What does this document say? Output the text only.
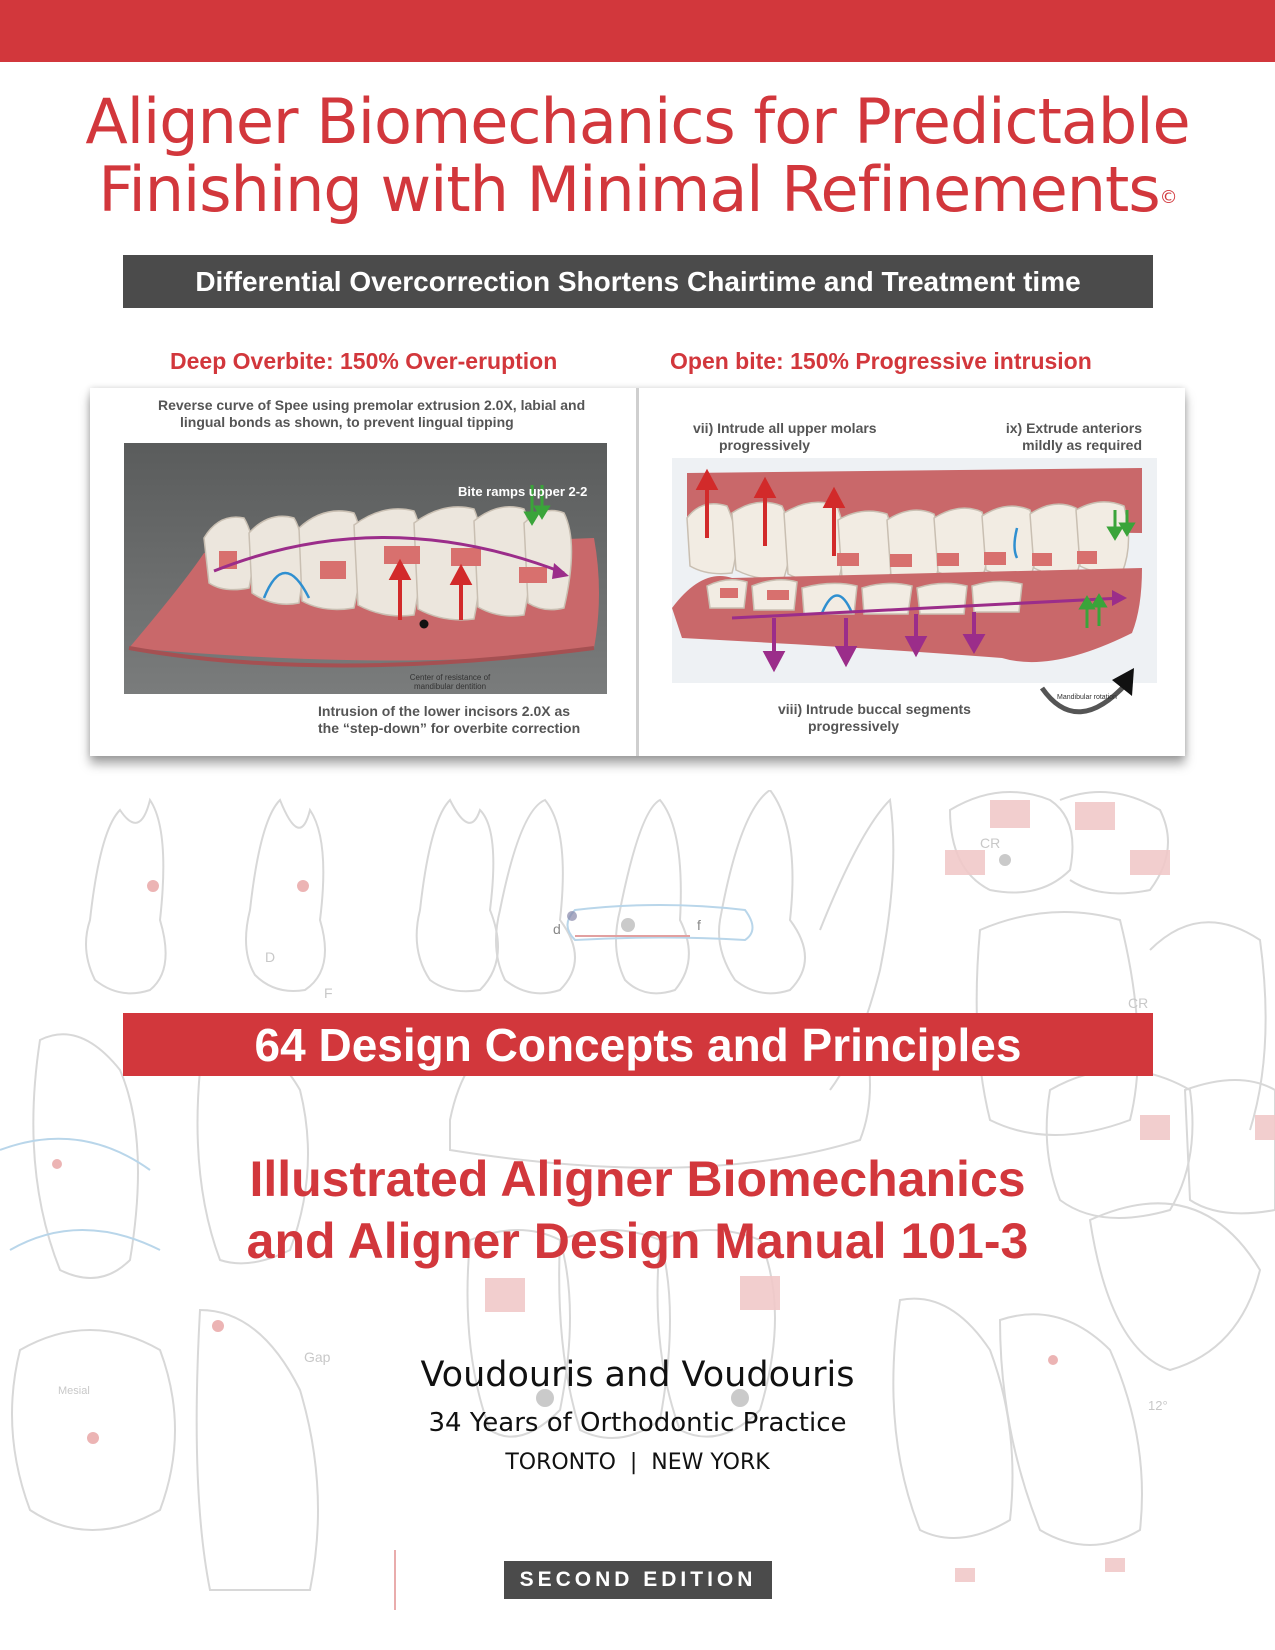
Aligner Biomechanics for Predictable
Finishing with Minimal Refinements©
Differential Overcorrection Shortens Chairtime and Treatment time
Deep Overbite: 150% Over-eruption	Open bite: 150% Progressive intrusion
Reverse curve of Spee using premolar extrusion 2.0X, labial and
lingual bonds as shown, to prevent lingual tipping
Bite ramps upper 2-2
Center of resistance of
mandibular dentition
Intrusion of the lower incisors 2.0X as
the “step-down” for overbite correction
vii) Intrude all upper molars
progressively
ix) Extrude anteriors
mildly as required
viii) Intrude buccal segments
progressively
Mandibular rotation
D
F
d	f
CR
CR
Gap
Mesial
12°
64 Design Concepts and Principles
Illustrated Aligner Biomechanics
and Aligner Design Manual 101-3
Voudouris and Voudouris
34 Years of Orthodontic Practice
TORONTO  |  NEW YORK
SECOND EDITION
